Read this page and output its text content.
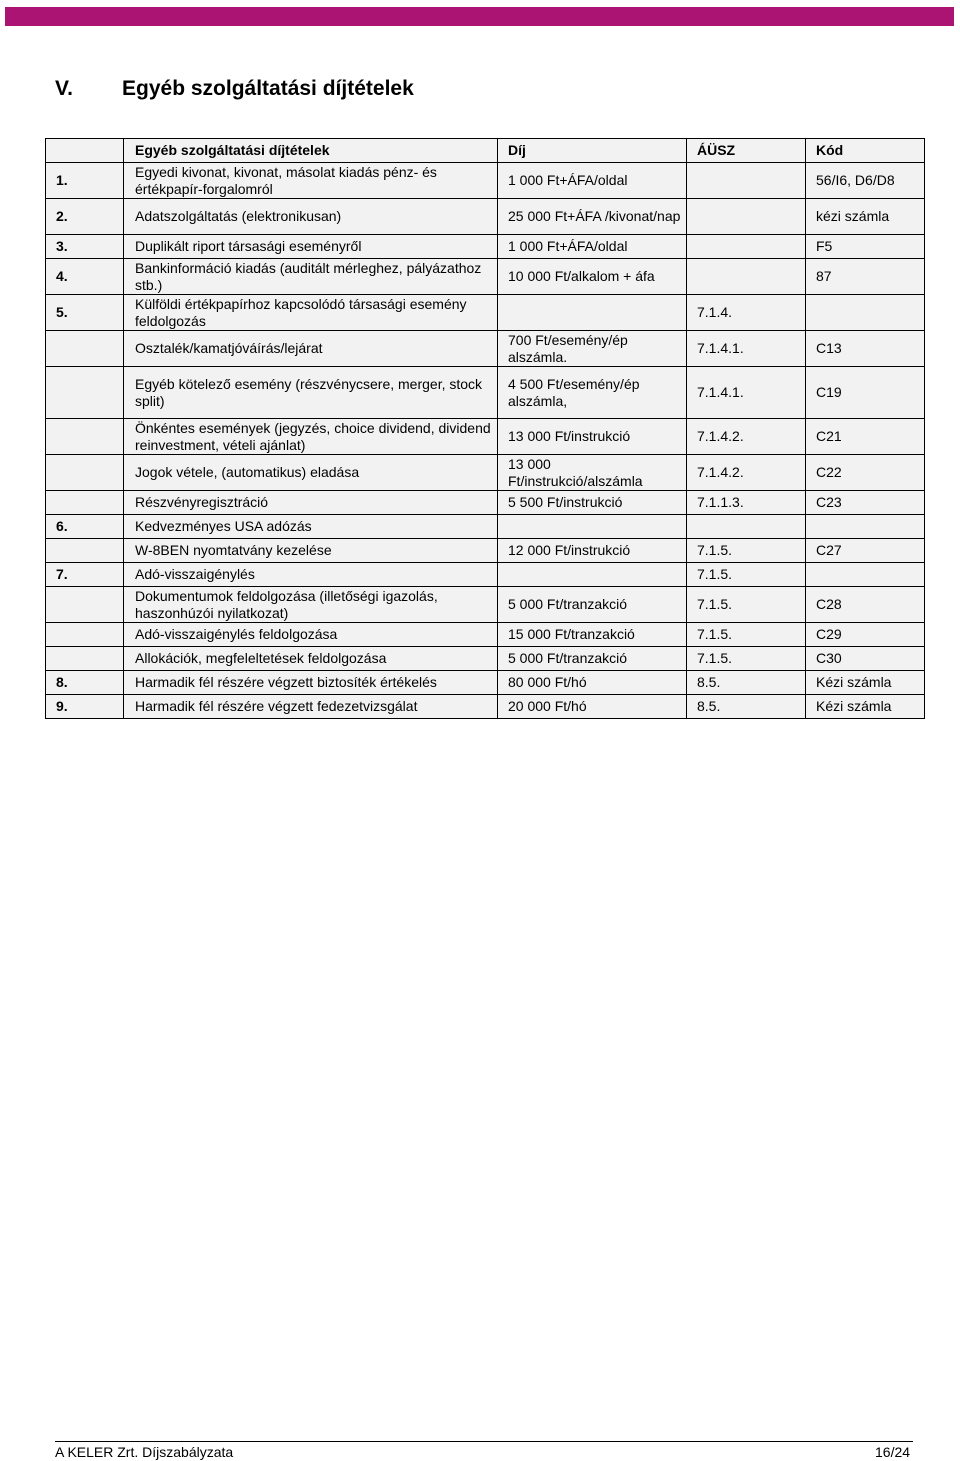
V. Egyéb szolgáltatási díjtételek
	Egyéb szolgáltatási díjtételek	Díj	ÁÜSZ	Kód
1.	Egyedi kivonat, kivonat, másolat kiadás pénz- és értékpapír-forgalomról	1 000 Ft+ÁFA/oldal		56/I6, D6/D8
2.	Adatszolgáltatás (elektronikusan)	25 000 Ft+ÁFA /kivonat/nap		kézi számla
3.	Duplikált riport társasági eseményről	1 000 Ft+ÁFA/oldal		F5
4.	Bankinformáció kiadás (auditált mérleghez, pályázathoz stb.)	10 000 Ft/alkalom + áfa		87
5.	Külföldi értékpapírhoz kapcsolódó társasági esemény feldolgozás		7.1.4.	
	Osztalék/kamatjóváírás/lejárat	700 Ft/esemény/ép alszámla.	7.1.4.1.	C13
	Egyéb kötelező esemény (részvénycsere, merger, stock split)	4 500 Ft/esemény/ép alszámla,	7.1.4.1.	C19
	Önkéntes események (jegyzés, choice dividend, dividend reinvestment, vételi ajánlat)	13 000 Ft/instrukció	7.1.4.2.	C21
	Jogok vétele, (automatikus) eladása	13 000 Ft/instrukció/alszámla	7.1.4.2.	C22
	Részvényregisztráció	5 500 Ft/instrukció	7.1.1.3.	C23
6.	Kedvezményes USA adózás			
	W-8BEN nyomtatvány kezelése	12 000 Ft/instrukció	7.1.5.	C27
7.	Adó-visszaigénylés		7.1.5.	
	Dokumentumok feldolgozása (illetőségi igazolás, haszonhúzói nyilatkozat)	5 000 Ft/tranzakció	7.1.5.	C28
	Adó-visszaigénylés feldolgozása	15 000 Ft/tranzakció	7.1.5.	C29
	Allokációk, megfeleltetések feldolgozása	5 000 Ft/tranzakció	7.1.5.	C30
8.	Harmadik fél részére végzett biztosíték értékelés	80 000 Ft/hó	8.5.	Kézi számla
9.	Harmadik fél részére végzett fedezetvizsgálat	20 000 Ft/hó	8.5.	Kézi számla
A KELER Zrt. Díjszabályzata	16/24
